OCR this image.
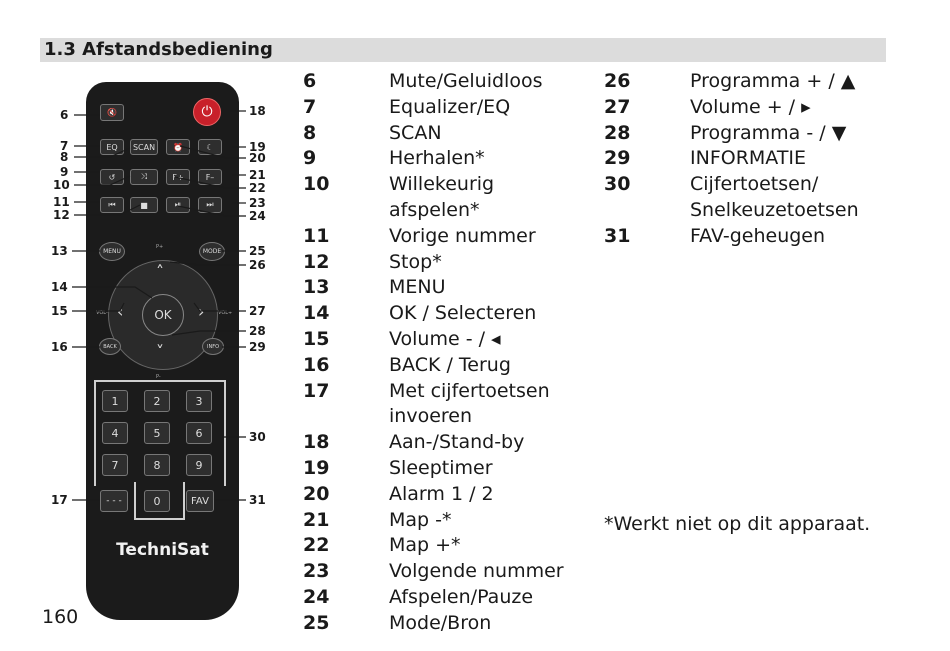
1.3 Afstandsbediening
🔇	⏻
EQ	SCAN	⏰	☾
↺	⤨	F+	F–
⏮	■	⏯	⏭
MENU	MODE
P+
˄
‹	›
˅
P-
VOL-	VOL+
OK
BACK	INFO
1	2	3
4	5	6
7	8	9
- - -	0	FAV
TechniSat
6
7
8
9
10
11
12
13
14
15
16
17
18
19
20
21
22
23
24
25
26
27
28
29
30
31
6	Mute/Geluidloos
7	Equalizer/EQ
8	SCAN
9	Herhalen*
10	Willekeurig
afspelen*
11	Vorige nummer
12	Stop*
13	MENU
14	OK / Selecteren
15	Volume - / ◂
16	BACK / Terug
17	Met cijfertoetsen
invoeren
18	Aan-/Stand-by
19	Sleeptimer
20	Alarm 1 / 2
21	Map -*
22	Map +*
23	Volgende nummer
24	Afspelen/Pauze
25	Mode/Bron
26	Programma + / ▲
27	Volume + / ▸
28	Programma - / ▼
29	INFORMATIE
30	Cijfertoetsen/
Snelkeuzetoetsen
31	FAV-geheugen
*Werkt niet op dit apparaat.
160
